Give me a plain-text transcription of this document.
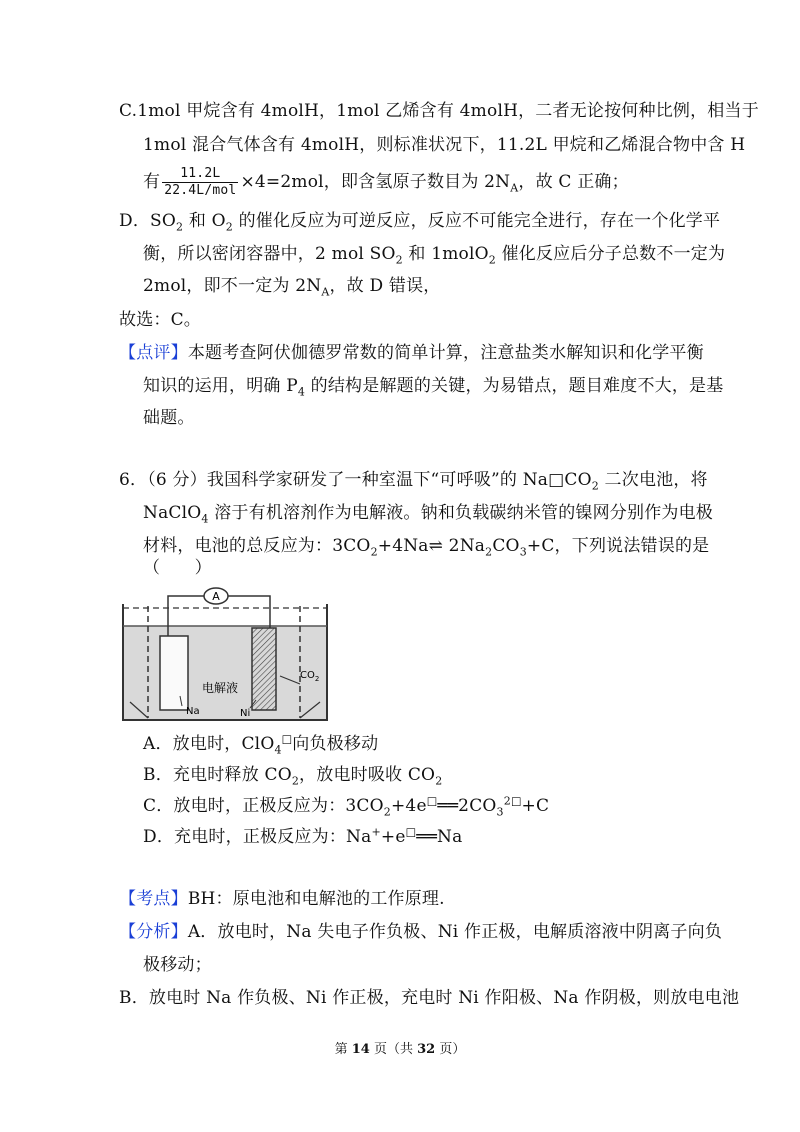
C.1mol 甲烷含有 4molH，1mol 乙烯含有 4molH，二者无论按何种比例，相当于
1mol 混合气体含有 4molH，则标准状况下，11.2L 甲烷和乙烯混合物中含 H
有 $\frac{11.2L}{\text{22.4L/mol}} \times 4=2mol$，即含氢原子数目为 $2N_A$，故 C 正确；
D．$SO_2$ 和 $O_2$ 的催化反应为可逆反应，反应不可能完全进行，存在一个化学平
衡，所以密闭容器中，2 mol $SO_2$ 和 1molO$_2$ 催化反应后分子总数不一定为
2mol，即不一定为 $2N_A$，故 D 错误，
故选：C。
【点评】本题考查阿伏伽德罗常数的简单计算，注意盐类水解知识和化学平衡
知识的运用，明确 $P_4$ 的结构是解题的关键，为易错点，题目难度不大，是基
础题。
6．（6 分）我国科学家研发了一种室温下“可呼吸”的 $Na□CO_2$ 二次电池，将
NaClO$_4$ 溶于有机溶剂作为电解液。钠和负载碳纳米管的镍网分别作为电极
材料，电池的总反应为：$3CO_2+4Na\rightleftharpoons$ $2Na_2CO_3+C$，下列说法错误的是
（　　）
A
电解液
Na	Ni
$CO_2$
A．放电时，ClO$_4$□向负极移动
B．充电时释放 $CO_2$，放电时吸收 $CO_2$
C．放电时，正极反应为：$3CO_2+4e^□══2CO_3^{2□}+C$
D．充电时，正极反应为：Na++e□══Na
【考点】BH：原电池和电解池的工作原理.
【分析】A．放电时，Na 失电子作负极、Ni 作正极，电解质溶液中阴离子向负
极移动；
B．放电时 Na 作负极、Ni 作正极，充电时 Ni 作阳极、Na 作阴极，则放电电池
第 14 页（共 32 页）
